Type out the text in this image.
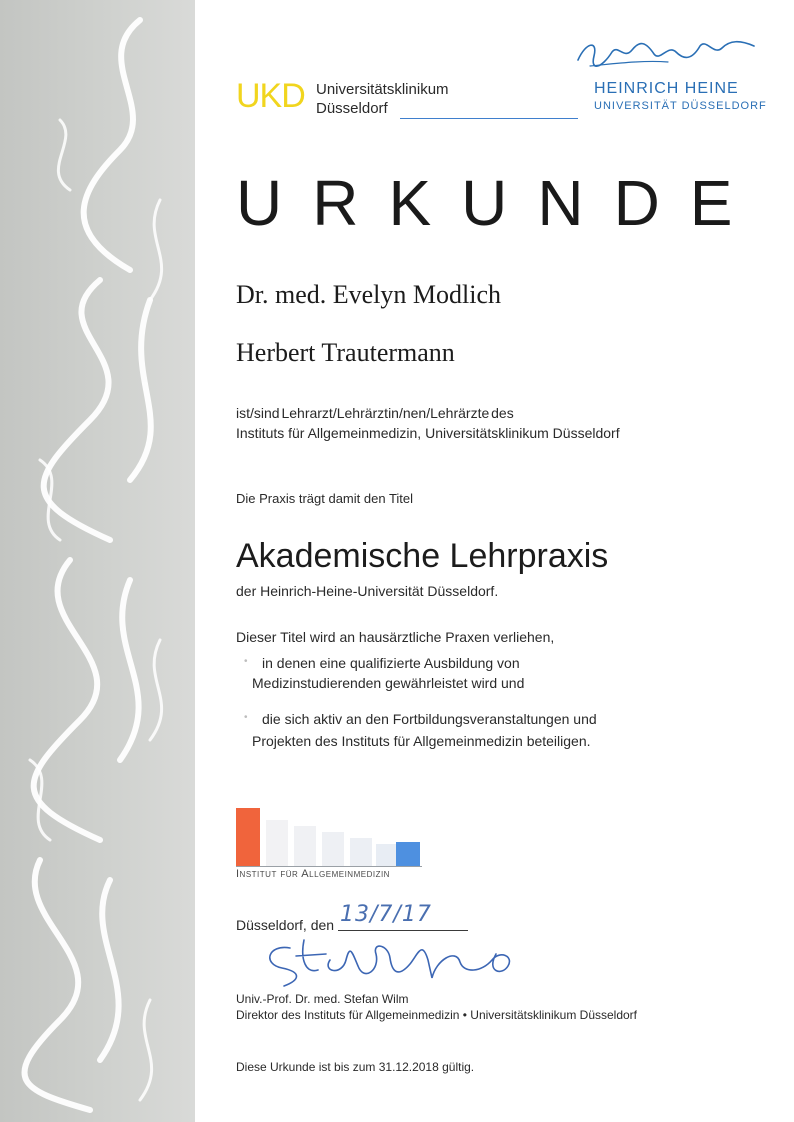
UKD Universitätsklinikum
Düsseldorf
HEINRICH HEINE
UNIVERSITÄT DÜSSELDORF
URKUNDE
Dr. med. Evelyn Modlich
Herbert Trautermann
ist/sind Lehrarzt/Lehrärztin/nen/Lehrärzte des
Instituts für Allgemeinmedizin, Universitätsklinikum Düsseldorf
Die Praxis trägt damit den Titel
Akademische Lehrpraxis
der Heinrich-Heine-Universität Düsseldorf.
Dieser Titel wird an hausärztliche Praxen verliehen,
• in denen eine qualifizierte Ausbildung von
Medizinstudierenden gewährleistet wird und
• die sich aktiv an den Fortbildungsveranstaltungen und
Projekten des Instituts für Allgemeinmedizin beteiligen.
Institut für Allgemeinmedizin
Düsseldorf, den 13/7/17
Univ.-Prof. Dr. med. Stefan Wilm
Direktor des Instituts für Allgemeinmedizin • Universitätsklinikum Düsseldorf
Diese Urkunde ist bis zum 31.12.2018 gültig.
